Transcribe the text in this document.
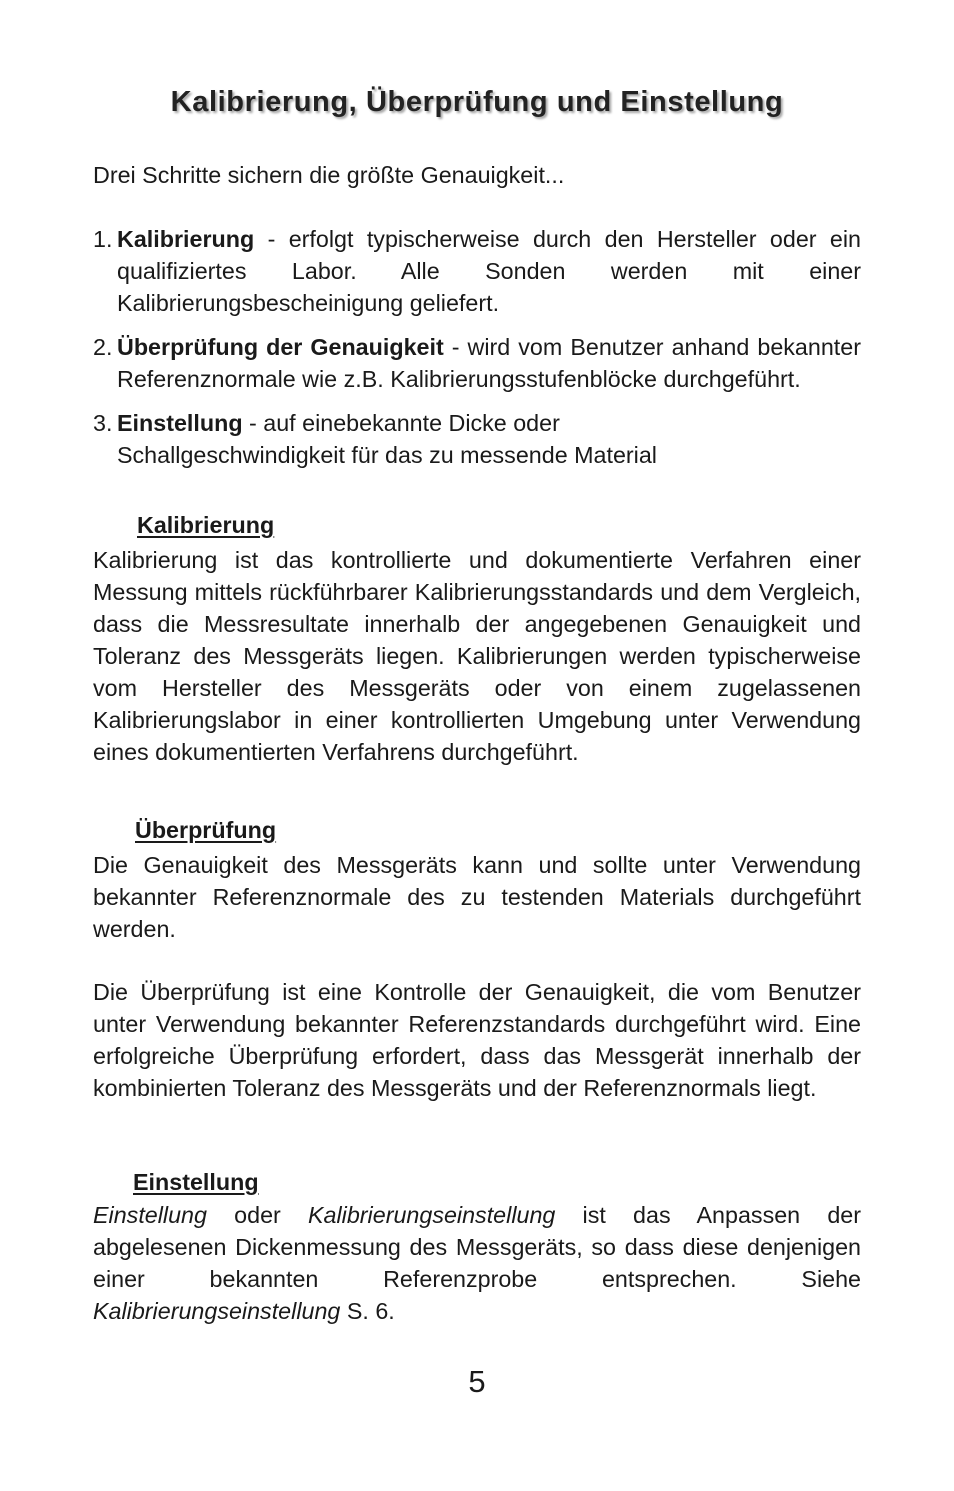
Kalibrierung, Überprüfung und Einstellung

Drei Schritte sichern die größte Genauigkeit...

1. Kalibrierung - erfolgt typischerweise durch den Hersteller oder ein qualifiziertes Labor. Alle Sonden werden mit einer Kalibrierungsbescheinigung geliefert.
2. Überprüfung der Genauigkeit - wird vom Benutzer anhand bekannter Referenznormale wie z.B. Kalibrierungsstufenblöcke durchgeführt.
3. Einstellung - auf einebekannte Dicke oder
Schallgeschwindigkeit für das zu messende Material
Kalibrierung

Kalibrierung ist das kontrollierte und dokumentierte Verfahren einer Messung mittels rückführbarer Kalibrierungsstandards und dem Vergleich, dass die Messresultate innerhalb der angegebenen Genauigkeit und Toleranz des Messgeräts liegen. Kalibrierungen werden typischerweise vom Hersteller des Messgeräts oder von einem zugelassenen Kalibrierungslabor in einer kontrollierten Umgebung unter Verwendung eines dokumentierten Verfahrens durchgeführt.

Überprüfung

Die Genauigkeit des Messgeräts kann und sollte unter Verwendung bekannter Referenznormale des zu testenden Materials durchgeführt werden.

Die Überprüfung ist eine Kontrolle der Genauigkeit, die vom Benutzer unter Verwendung bekannter Referenzstandards durchgeführt wird. Eine erfolgreiche Überprüfung erfordert, dass das Messgerät innerhalb der kombinierten Toleranz des Messgeräts und der Referenznormals liegt.

Einstellung

Einstellung oder Kalibrierungseinstellung ist das Anpassen der abgelesenen Dickenmessung des Messgeräts, so dass diese denjenigen einer bekannten Referenzprobe entsprechen. Siehe Kalibrierungseinstellung S. 6.

5
